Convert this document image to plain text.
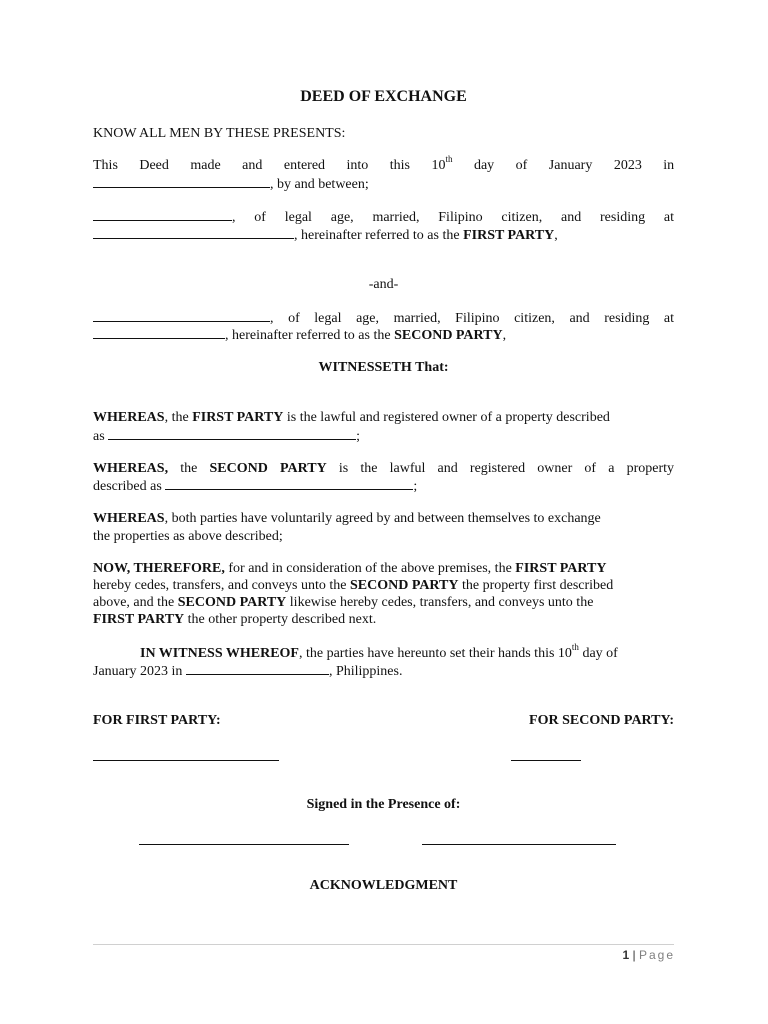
DEED OF EXCHANGE
KNOW ALL MEN BY THESE PRESENTS:
This Deed made and entered into this 10th day of January 2023 in
, by and between;
, of legal age, married, Filipino citizen, and residing at
, hereinafter referred to as the FIRST PARTY,
-and-
, of legal age, married, Filipino citizen, and residing at
, hereinafter referred to as the SECOND PARTY,
WITNESSETH That:
WHEREAS, the FIRST PARTY is the lawful and registered owner of a property described
as	;
WHEREAS, the SECOND PARTY is the lawful and registered owner of a property
described as	;
WHEREAS, both parties have voluntarily agreed by and between themselves to exchange
the properties as above described;
NOW, THEREFORE, for and in consideration of the above premises, the FIRST PARTY
hereby cedes, transfers, and conveys unto the SECOND PARTY the property first described
above, and the SECOND PARTY likewise hereby cedes, transfers, and conveys unto the
FIRST PARTY the other property described next.
IN WITNESS WHEREOF, the parties have hereunto set their hands this 10th day of
January 2023 in	, Philippines.
FOR FIRST PARTY:	FOR SECOND PARTY:
Signed in the Presence of:
ACKNOWLEDGMENT
1 | Page
